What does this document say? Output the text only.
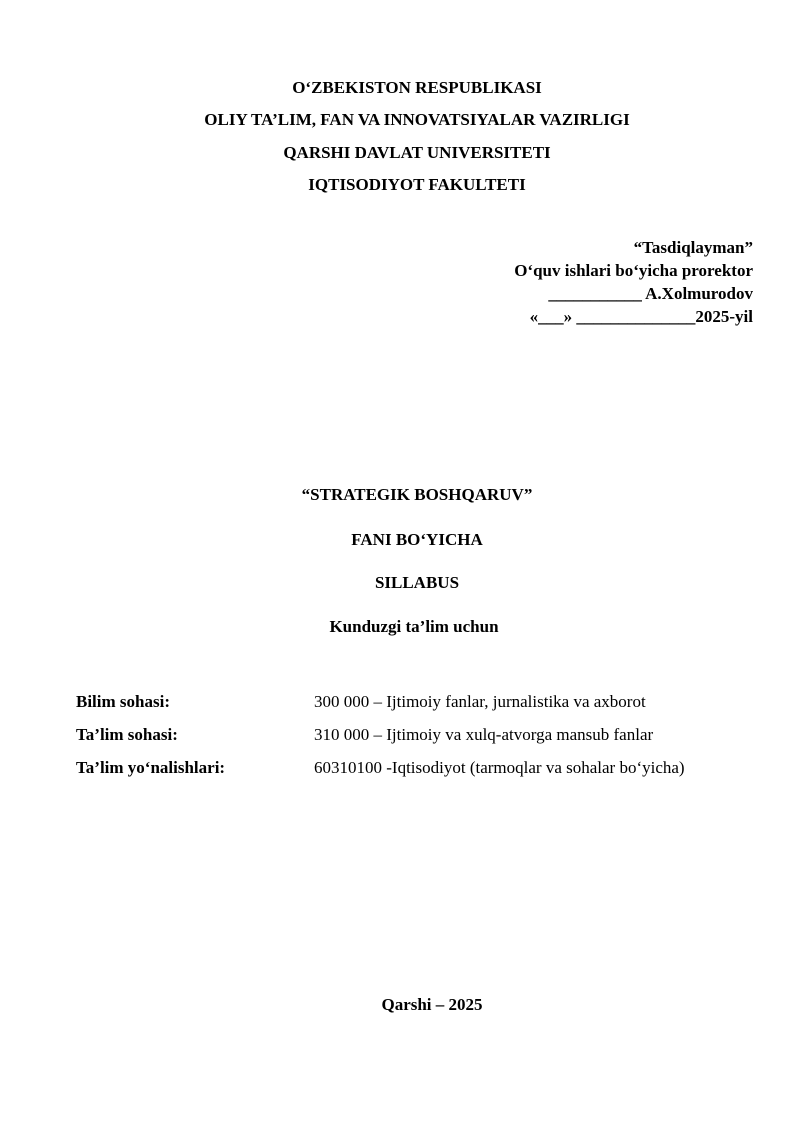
O‘ZBEKISTON RESPUBLIKASI
OLIY TA’LIM, FAN VA INNOVATSIYALAR VAZIRLIGI
QARSHI DAVLAT UNIVERSITETI
IQTISODIYOT FAKULTETI
“Tasdiqlayman”
O‘quv ishlari bo‘yicha prorektor
___________ A.Xolmurodov
«___» ______________2025-yil
“STRATEGIK BOSHQARUV”
FANI BO‘YICHA
SILLABUS
Kunduzgi ta’lim uchun
Bilim sohasi:	300 000 – Ijtimoiy fanlar, jurnalistika va axborot
Ta’lim sohasi:	310 000 – Ijtimoiy va xulq-atvorga mansub fanlar
Ta’lim yo‘nalishlari:	60310100 -Iqtisodiyot (tarmoqlar va sohalar bo‘yicha)
Qarshi – 2025
